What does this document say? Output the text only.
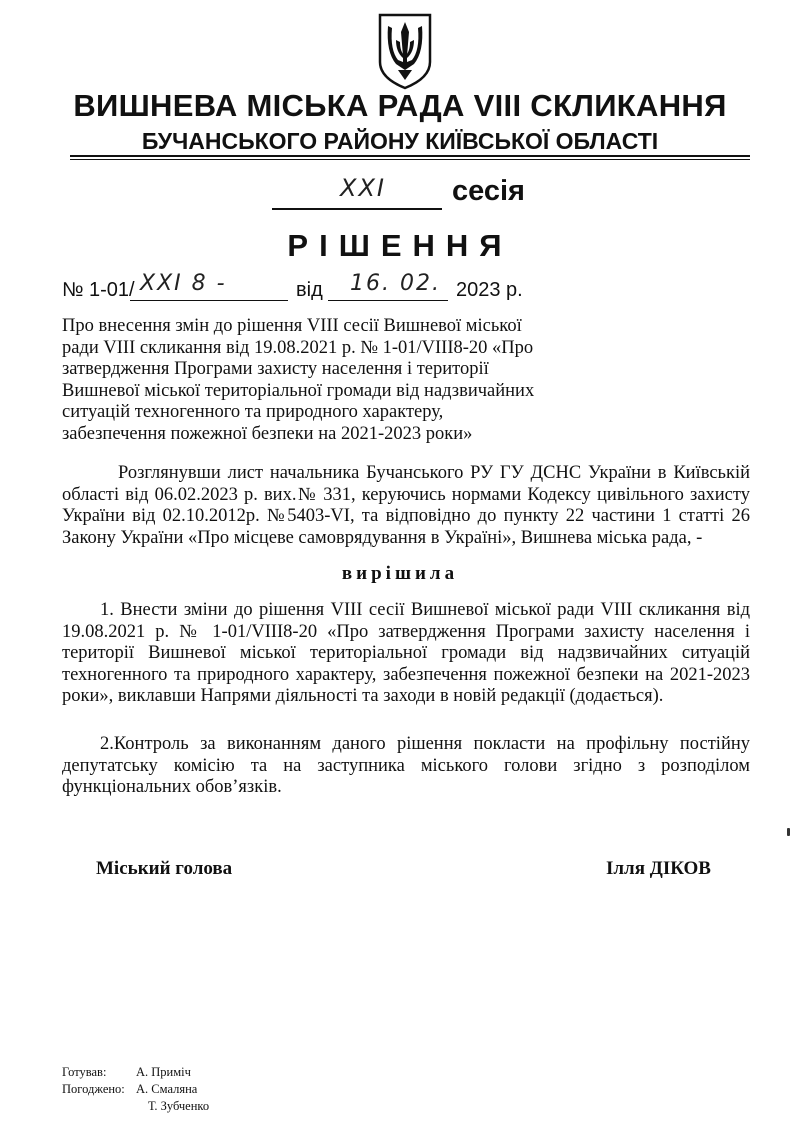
ВИШНЕВА МІСЬКА РАДА VIII СКЛИКАННЯ
БУЧАНСЬКОГО РАЙОНУ КИЇВСЬКОЇ ОБЛАСТІ
XXI сесія
РІШЕННЯ
№ 1-01/ XXI 8 -	від 16. 02. 2023 р.
Про внесення змін до рішення VIII сесії Вишневої міської
ради VIII скликання від 19.08.2021 р. № 1-01/VIII8-20 «Про
затвердження Програми захисту населення і території
Вишневої міської територіальної громади від надзвичайних
ситуацій техногенного та природного характеру,
забезпечення пожежної безпеки на 2021-2023 роки»
Розглянувши лист начальника Бучанського РУ ГУ ДСНС України в Київській
області від 06.02.2023 р. вих.№ 331, керуючись нормами Кодексу цивільного захисту
України від 02.10.2012р. №5403-VI, та відповідно до пункту 22 частини 1 статті 26
Закону України «Про місцеве самоврядування в Україні», Вишнева міська рада, -
вирішила
1. Внести зміни до рішення VIII сесії Вишневої міської ради VIII скликання від
19.08.2021 р. № 1-01/VIII8-20 «Про затвердження Програми захисту населення і
території Вишневої міської територіальної громади від надзвичайних ситуацій
техногенного та природного характеру, забезпечення пожежної безпеки на 2021-2023
роки», виклавши Напрями діяльності та заходи в новій редакції (додається).
2.Контроль за виконанням даного рішення покласти на профільну постійну
депутатську комісію та на заступника міського голови згідно з розподілом
функціональних обов’язків.
Міський голова	Ілля ДІКОВ
Готував: А. Приміч
Погоджено: А. Смаляна
Т. Зубченко
